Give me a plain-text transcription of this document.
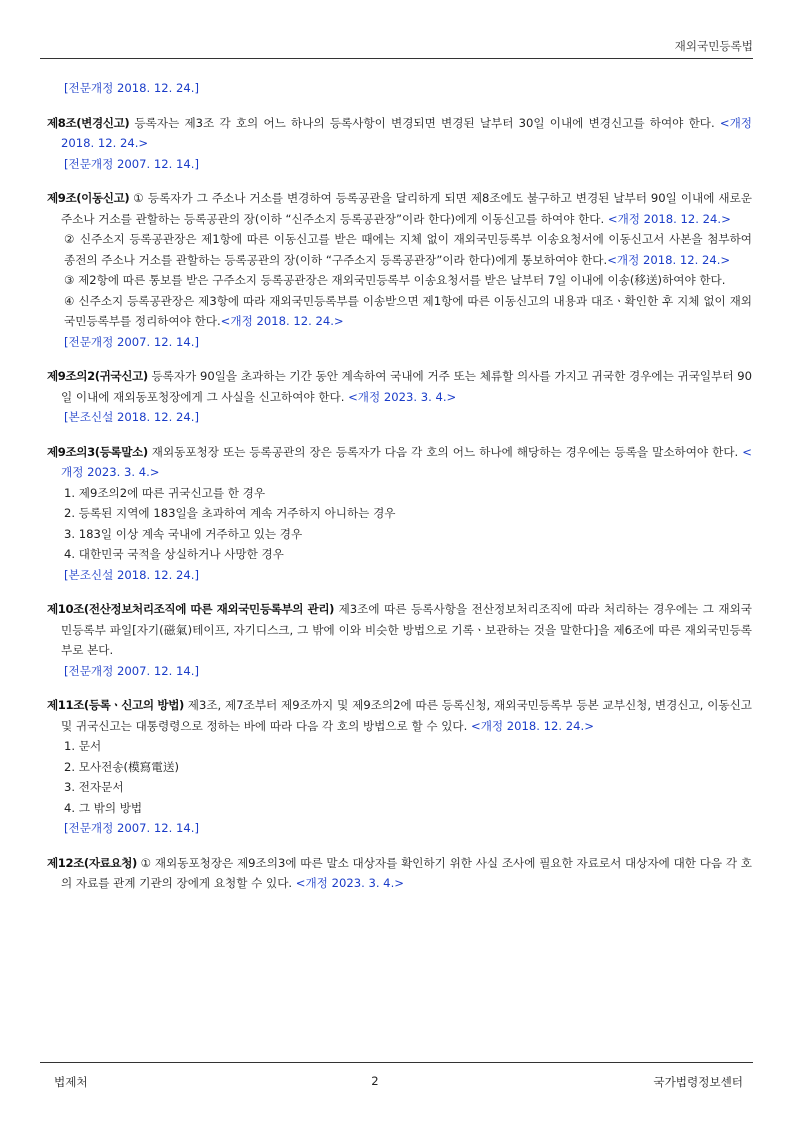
재외국민등록법
[전문개정 2018. 12. 24.]
제8조(변경신고) 등록자는 제3조 각 호의 어느 하나의 등록사항이 변경되면 변경된 날부터 30일 이내에 변경신고를 하여야 한다. <개정 2018. 12. 24.>
[전문개정 2007. 12. 14.]
제9조(이동신고) ① 등록자가 그 주소나 거소를 변경하여 등록공관을 달리하게 되면 제8조에도 불구하고 변경된 날부터 90일 이내에 새로운 주소나 거소를 관할하는 등록공관의 장(이하 “신주소지 등록공관장”이라 한다)에게 이동신고를 하여야 한다. <개정 2018. 12. 24.>
② 신주소지 등록공관장은 제1항에 따른 이동신고를 받은 때에는 지체 없이 재외국민등록부 이송요청서에 이동신고서 사본을 첨부하여 종전의 주소나 거소를 관할하는 등록공관의 장(이하 “구주소지 등록공관장”이라 한다)에게 통보하여야 한다.<개정 2018. 12. 24.>
③ 제2항에 따른 통보를 받은 구주소지 등록공관장은 재외국민등록부 이송요청서를 받은 날부터 7일 이내에 이송(移送)하여야 한다.
④ 신주소지 등록공관장은 제3항에 따라 재외국민등록부를 이송받으면 제1항에 따른 이동신고의 내용과 대조ㆍ확인한 후 지체 없이 재외국민등록부를 정리하여야 한다.<개정 2018. 12. 24.>
[전문개정 2007. 12. 14.]
제9조의2(귀국신고) 등록자가 90일을 초과하는 기간 동안 계속하여 국내에 거주 또는 체류할 의사를 가지고 귀국한 경우에는 귀국일부터 90일 이내에 재외동포청장에게 그 사실을 신고하여야 한다. <개정 2023. 3. 4.>
[본조신설 2018. 12. 24.]
제9조의3(등록말소) 재외동포청장 또는 등록공관의 장은 등록자가 다음 각 호의 어느 하나에 해당하는 경우에는 등록을 말소하여야 한다. <개정 2023. 3. 4.>
1. 제9조의2에 따른 귀국신고를 한 경우
2. 등록된 지역에 183일을 초과하여 계속 거주하지 아니하는 경우
3. 183일 이상 계속 국내에 거주하고 있는 경우
4. 대한민국 국적을 상실하거나 사망한 경우
[본조신설 2018. 12. 24.]
제10조(전산정보처리조직에 따른 재외국민등록부의 관리) 제3조에 따른 등록사항을 전산정보처리조직에 따라 처리하는 경우에는 그 재외국민등록부 파일[자기(磁氣)테이프, 자기디스크, 그 밖에 이와 비슷한 방법으로 기록ㆍ보관하는 것을 말한다]을 제6조에 따른 재외국민등록부로 본다.
[전문개정 2007. 12. 14.]
제11조(등록ㆍ신고의 방법) 제3조, 제7조부터 제9조까지 및 제9조의2에 따른 등록신청, 재외국민등록부 등본 교부신청, 변경신고, 이동신고 및 귀국신고는 대통령령으로 정하는 바에 따라 다음 각 호의 방법으로 할 수 있다. <개정 2018. 12. 24.>
1. 문서
2. 모사전송(模寫電送)
3. 전자문서
4. 그 밖의 방법
[전문개정 2007. 12. 14.]
제12조(자료요청) ① 재외동포청장은 제9조의3에 따른 말소 대상자를 확인하기 위한 사실 조사에 필요한 자료로서 대상자에 대한 다음 각 호의 자료를 관계 기관의 장에게 요청할 수 있다. <개정 2023. 3. 4.>
법제처	2	국가법령정보센터
